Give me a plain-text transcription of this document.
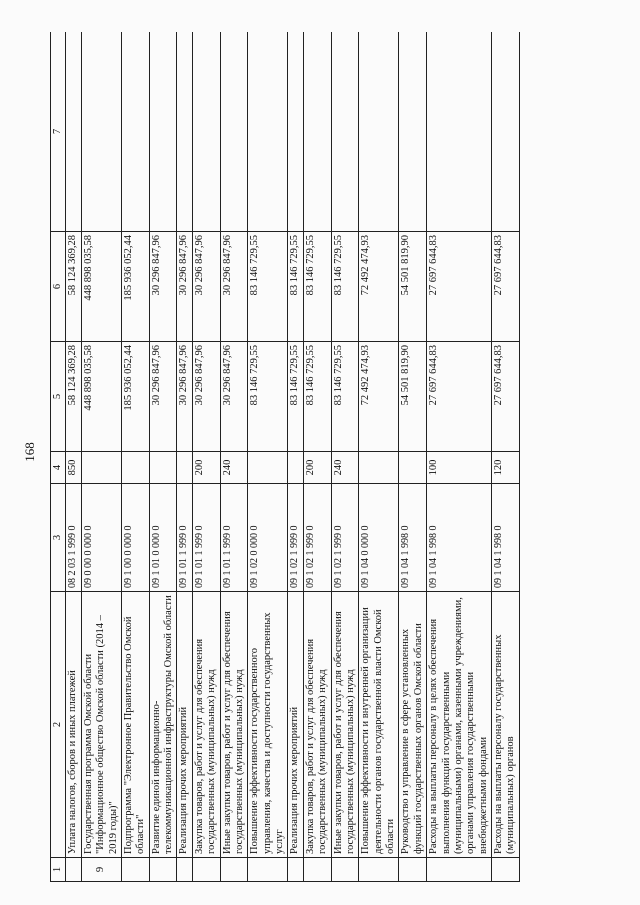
168
1	2	3	4	5	6	7
	Уплата налогов, сборов и иных платежей	08 2 03 1 999 0	850	58 124 369,28	58 124 369,28	
9	Государственная программа Омской области "Информационное общество Омской области (2014 – 2019 годы)"	09 0 00 0 000 0		448 898 035,58	448 898 035,58	
	Подпрограмма "Электронное Правительство Омской области"	09 1 00 0 000 0		185 936 052,44	185 936 052,44	
	Развитие единой информационно-телекоммуникационной инфраструктуры Омской области	09 1 01 0 000 0		30 296 847,96	30 296 847,96	
	Реализация прочих мероприятий	09 1 01 1 999 0		30 296 847,96	30 296 847,96	
	Закупка товаров, работ и услуг для обеспечения государственных (муниципальных) нужд	09 1 01 1 999 0	200	30 296 847,96	30 296 847,96	
	Иные закупки товаров, работ и услуг для обеспечения государственных (муниципальных) нужд	09 1 01 1 999 0	240	30 296 847,96	30 296 847,96	
	Повышение эффективности государственного управления, качества и доступности государственных услуг	09 1 02 0 000 0		83 146 729,55	83 146 729,55	
	Реализация прочих мероприятий	09 1 02 1 999 0		83 146 729,55	83 146 729,55	
	Закупка товаров, работ и услуг для обеспечения государственных (муниципальных) нужд	09 1 02 1 999 0	200	83 146 729,55	83 146 729,55	
	Иные закупки товаров, работ и услуг для обеспечения государственных (муниципальных) нужд	09 1 02 1 999 0	240	83 146 729,55	83 146 729,55	
	Повышение эффективности и внутренней организации деятельности органов государственной власти Омской области	09 1 04 0 000 0		72 492 474,93	72 492 474,93	
	Руководство и управление в сфере установленных функций государственных органов Омской области	09 1 04 1 998 0		54 501 819,90	54 501 819,90	
	Расходы на выплаты персоналу в целях обеспечения выполнения функций государственными (муниципальными) органами, казенными учреждениями, органами управления государственными внебюджетными фондами	09 1 04 1 998 0	100	27 697 644,83	27 697 644,83	
	Расходы на выплаты персоналу государственных (муниципальных) органов	09 1 04 1 998 0	120	27 697 644,83	27 697 644,83	
